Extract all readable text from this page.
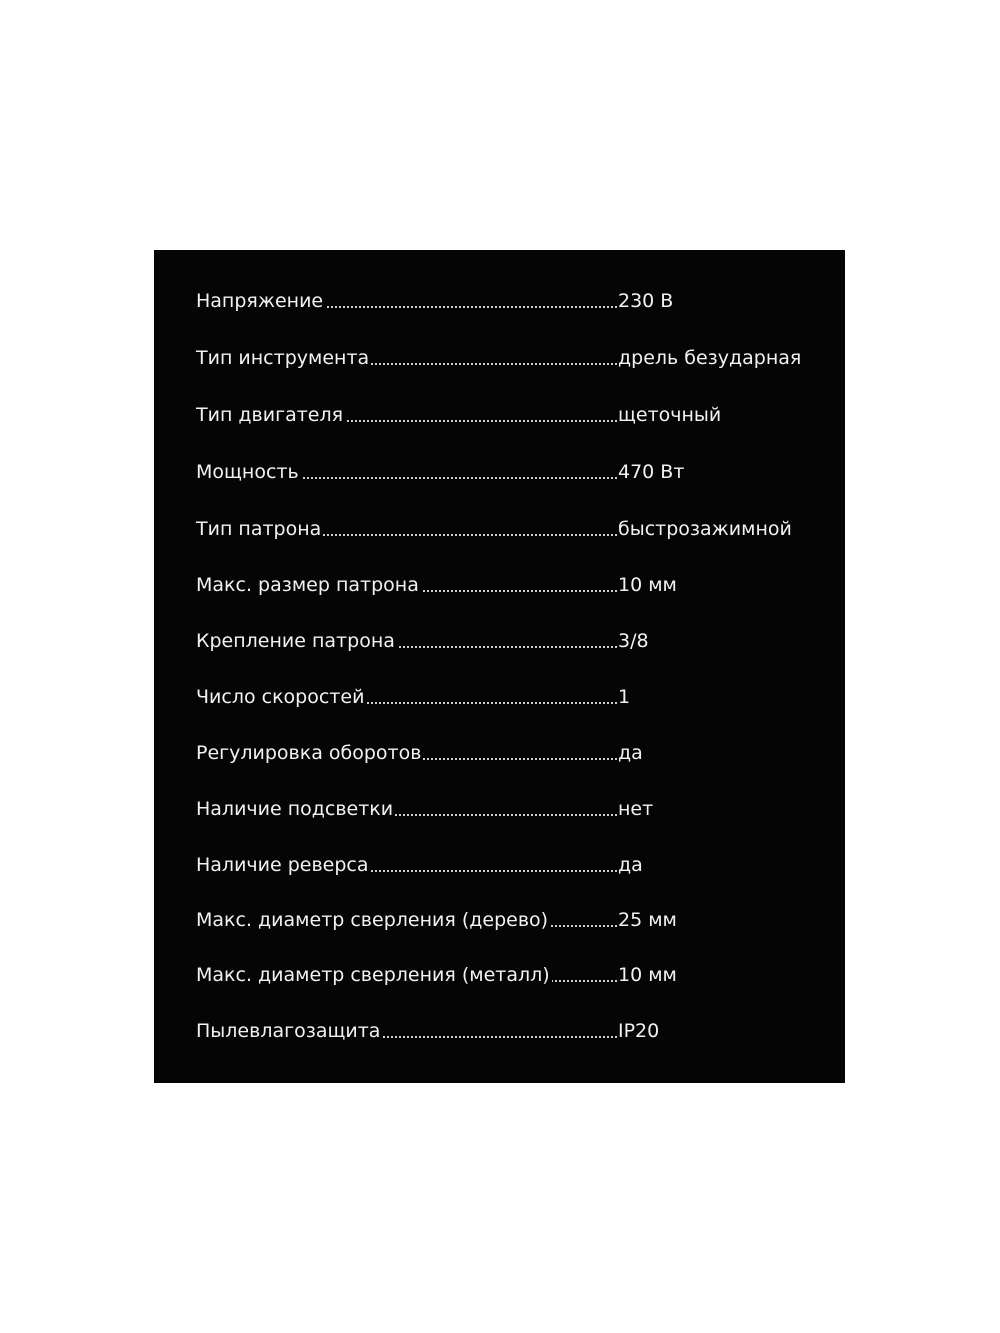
Напряжение	230 В
Тип инструмента	дрель безударная
Тип двигателя	щеточный
Мощность	470 Вт
Тип патрона	быстрозажимной
Макс. размер патрона	10 мм
Крепление патрона	3/8
Число скоростей	1
Регулировка оборотов	да
Наличие подсветки	нет
Наличие реверса	да
Макс. диаметр сверления (дерево)	25 мм
Макс. диаметр сверления (металл)	10 мм
Пылевлагозащита	IP20
